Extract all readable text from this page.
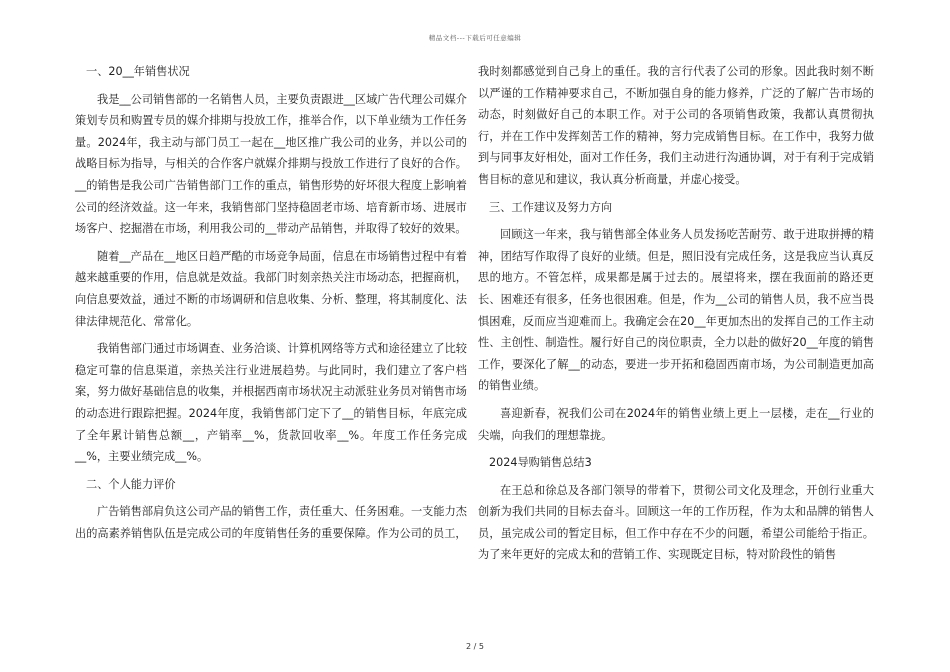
精品文档---下载后可任意编辑

一、20__年销售状况

我是__公司销售部的一名销售人员，主要负责跟进__区域广告代理公司媒介策划专员和购置专员的媒介排期与投放工作，推举合作，以下单业绩为工作任务量。2024年，我主动与部门员工一起在__地区推广我公司的业务，并以公司的战略目标为指导，与相关的合作客户就媒介排期与投放工作进行了良好的合作。__的销售是我公司广告销售部门工作的重点，销售形势的好坏很大程度上影响着公司的经济效益。这一年来，我销售部门坚持稳固老市场、培育新市场、进展市场客户、挖掘潜在市场，利用我公司的__带动产品销售，并取得了较好的效果。

随着__产品在__地区日趋严酷的市场竞争局面，信息在市场销售过程中有着越来越重要的作用，信息就是效益。我部门时刻亲热关注市场动态，把握商机，向信息要效益，通过不断的市场调研和信息收集、分析、整理，将其制度化、法律法律规范化、常常化。

我销售部门通过市场调查、业务洽谈、计算机网络等方式和途径建立了比较稳定可靠的信息渠道，亲热关注行业进展趋势。与此同时，我们建立了客户档案，努力做好基础信息的收集，并根据西南市场状况主动派驻业务员对销售市场的动态进行跟踪把握。2024年度，我销售部门定下了__的销售目标，年底完成了全年累计销售总额__，产销率__%，货款回收率__%。年度工作任务完成__%，主要业绩完成__%。

二、个人能力评价

广告销售部肩负这公司产品的销售工作，责任重大、任务困难。一支能力杰出的高素养销售队伍是完成公司的年度销售任务的重要保障。作为公司的员工，

我时刻都感觉到自己身上的重任。我的言行代表了公司的形象。因此我时刻不断以严谨的工作精神要求自己，不断加强自身的能力修养，广泛的了解广告市场的动态，时刻做好自己的本职工作。对于公司的各项销售政策，我都认真贯彻执行，并在工作中发挥刻苦工作的精神，努力完成销售目标。在工作中，我努力做到与同事友好相处，面对工作任务，我们主动进行沟通协调，对于有利于完成销售目标的意见和建议，我认真分析商量，并虚心接受。

三、工作建议及努力方向

回顾这一年来，我与销售部全体业务人员发扬吃苦耐劳、敢于进取拼搏的精神，团结写作取得了良好的业绩。但是，照旧没有完成任务，这是我应当认真反思的地方。不管怎样，成果都是属于过去的。展望将来，摆在我面前的路还更长、困难还有很多，任务也很困难。但是，作为__公司的销售人员，我不应当畏惧困难，反而应当迎难而上。我确定会在20__年更加杰出的发挥自己的工作主动性、主创性、制造性。履行好自己的岗位职责，全力以赴的做好20__年度的销售工作，要深化了解__的动态，要进一步开拓和稳固西南市场，为公司制造更加高的销售业绩。

喜迎新春，祝我们公司在2024年的销售业绩上更上一层楼，走在__行业的尖端，向我们的理想靠拢。

2024导购销售总结3

在王总和徐总及各部门领导的带着下，贯彻公司文化及理念，开创行业重大创新为我们共同的目标去奋斗。回顾这一年的工作历程，作为太和品牌的销售人员，虽完成公司的暂定目标，但工作中存在不少的问题，希望公司能给于指正。为了来年更好的完成太和的营销工作、实现既定目标，特对阶段性的销售

2 / 5
